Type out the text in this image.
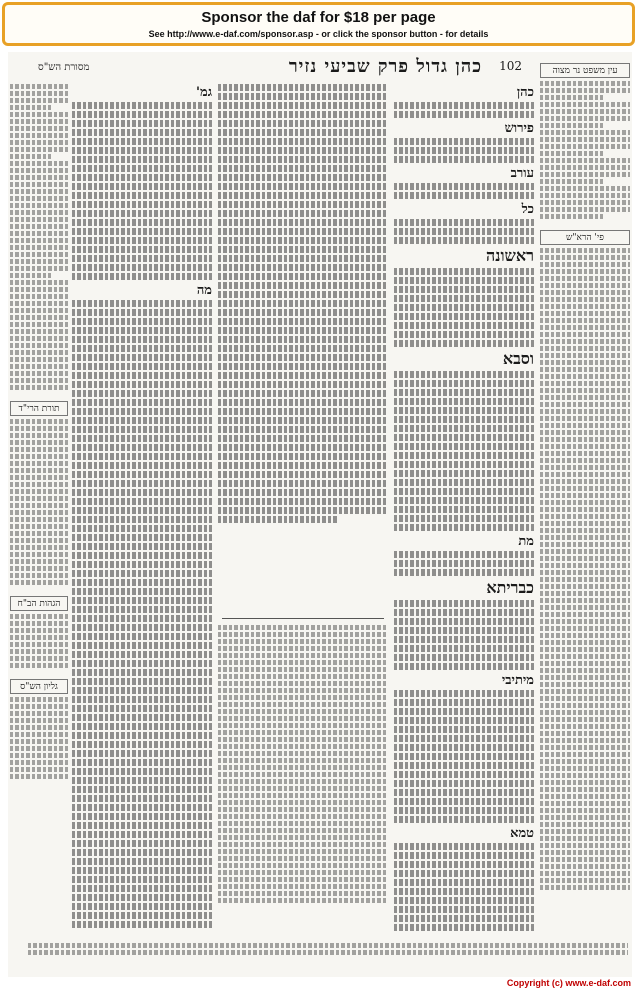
Sponsor the daf for $18 per page
See http://www.e-daf.com/sponsor.asp - or click the sponsor button - for details
102
כהן גדול פרק שביעי נזיר
מסורת הש"ס	עין משפט נר מצוה
פי' הרא"ש
כהן
פירוש
עורב
כל
ראשונה
וסבא
מת
כבריתא
מיתיבי
טמא
גמ'
מה
תורת הרי"ד
הגהות הב"ח
גליון הש"ס
Copyright (c) www.e-daf.com
